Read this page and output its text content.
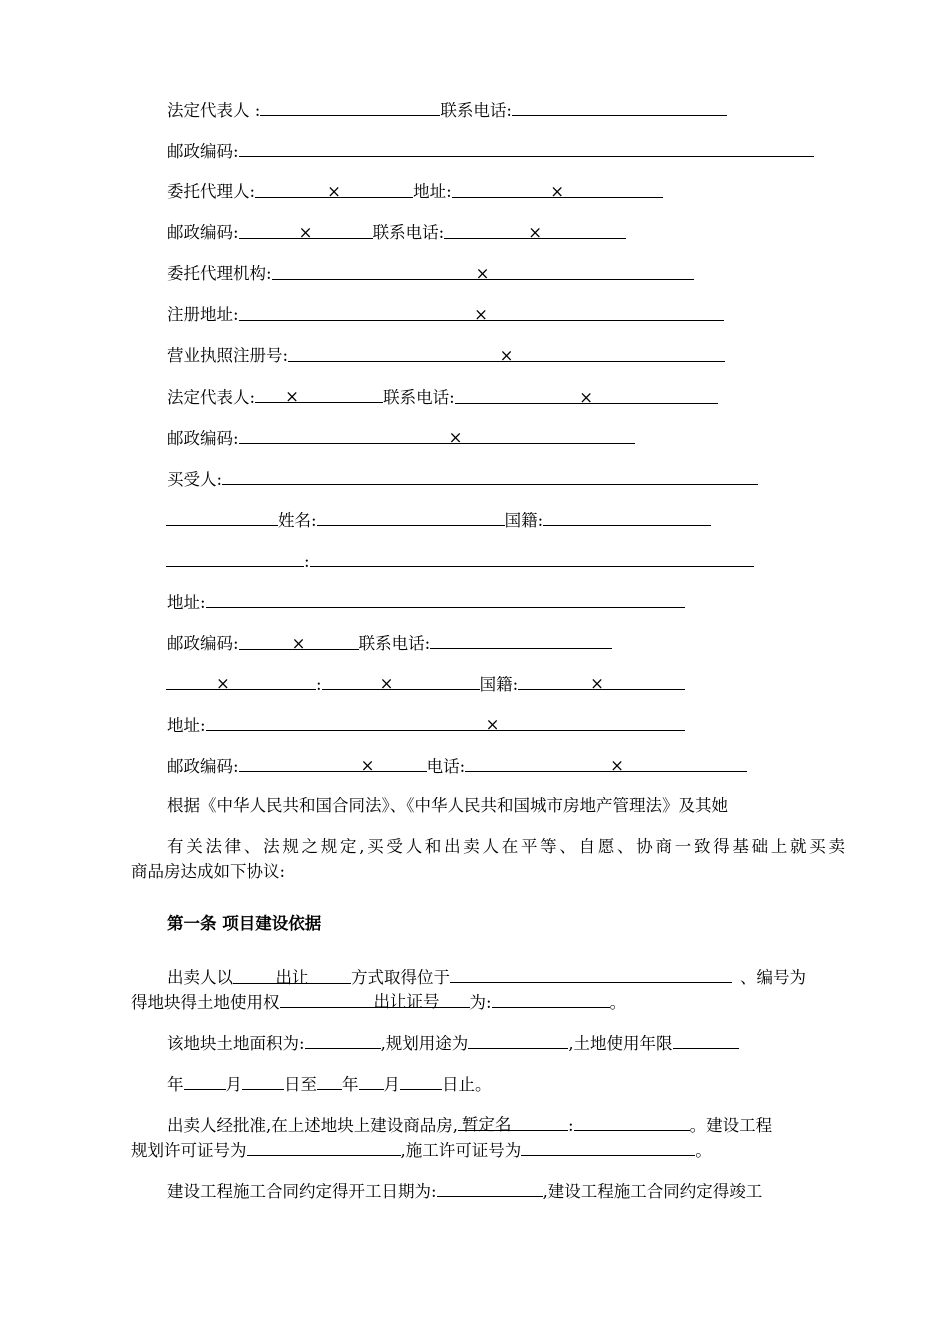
法定代表人 :	联系电话:
邮政编码:
委托代理人:	×	地址:	×
邮政编码:	×	联系电话:	×
委托代理机构:	×
注册地址:	×
营业执照注册号:	×
法定代表人: ×	联系电话:	×
邮政编码:	×
买受人:
姓名:	国籍:
:
地址:
邮政编码:	×	联系电话:
×	:	×	国籍:	×
地址:	×
邮政编码:	×	电话:	×
根据《中华人民共和国合同法》、《中华人民共和国城市房地产管理法》及其她
有关法律、法规之规定,买受人和出卖人在平等、自愿、协商一致得基础上就买卖
商品房达成如下协议:
第一条 项目建设依据
出卖人以	出让	方式取得位于	、编号为
得地块得土地使用权	出让证号 为:	。
该地块土地面积为:	,规划用途为	,土地使用年限
年	月	日至 年 月	日止。
出卖人经批准,在上述地块上建设商品房, 暂定名	:	。建设工程
规划许可证号为	,施工许可证号为	。
建设工程施工合同约定得开工日期为:	,建设工程施工合同约定得竣工
